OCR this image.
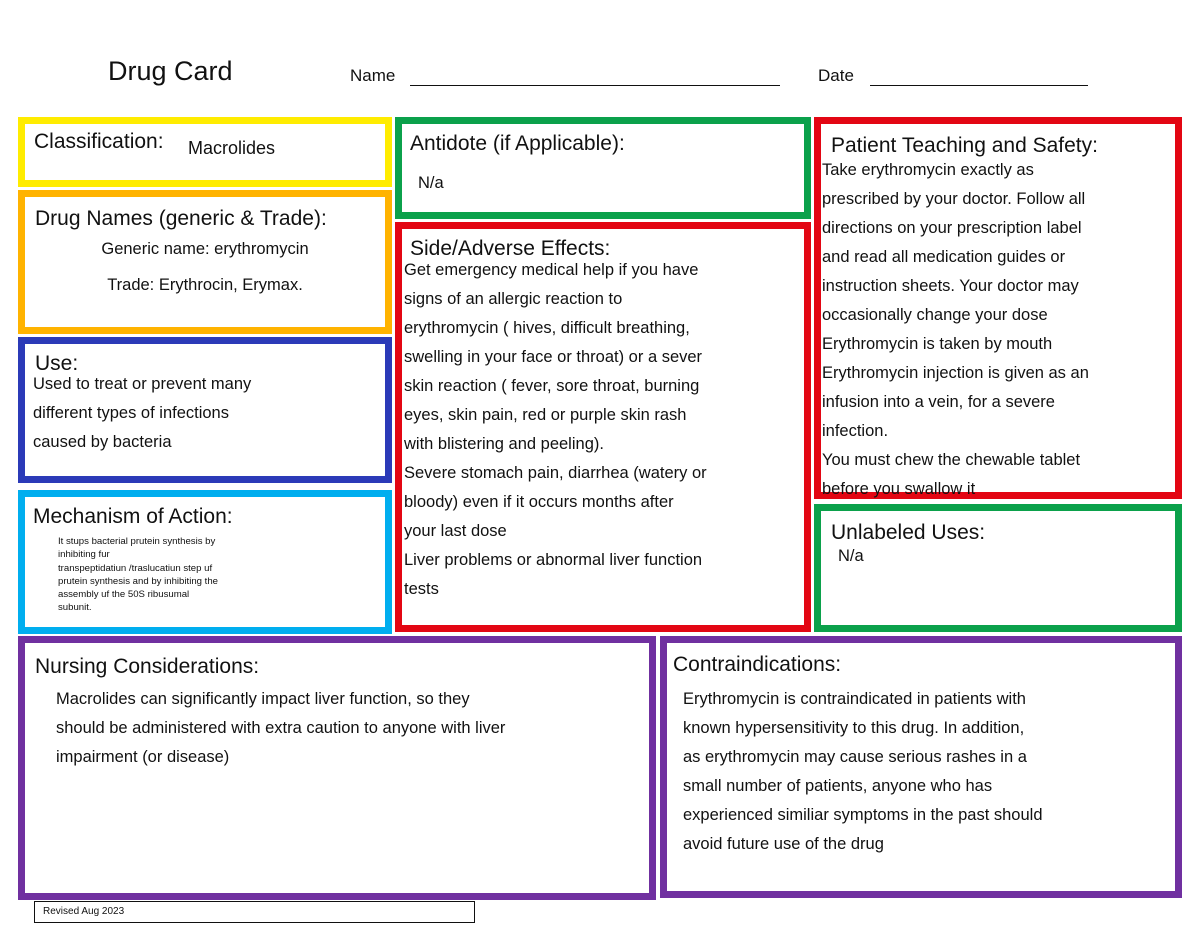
Drug Card	Name	Date
Classification: Macrolides
Drug Names (generic & Trade):
Generic name: erythromycin
Trade: Erythrocin, Erymax.
Use:
Used to treat or prevent many
different types of infections
caused by bacteria
Mechanism of Action:
It stups bacterial prutein synthesis by
inhibiting fur
transpeptidatiun /traslucatiun step uf
prutein synthesis and by inhibiting the
assembly uf the 50S ribusumal
subunit.
Antidote (if Applicable):
N/a
Side/Adverse Effects:
Get emergency medical help if you have
signs of an allergic reaction to
erythromycin ( hives, difficult breathing,
swelling in your face or throat) or a sever
skin reaction ( fever, sore throat, burning
eyes, skin pain, red or purple skin rash
with blistering and peeling).
Severe stomach pain, diarrhea (watery or
bloody) even if it occurs months after
your last dose
Liver problems or abnormal liver function
tests
Patient Teaching and Safety:
Take erythromycin exactly as
prescribed by your doctor. Follow all
directions on your prescription label
and read all medication guides or
instruction sheets. Your doctor may
occasionally change your dose
Erythromycin is taken by mouth
Erythromycin injection is given as an
infusion into a vein, for a severe
infection.
You must chew the chewable tablet
before you swallow it
Unlabeled Uses:
N/a
Nursing Considerations:
Macrolides can significantly impact liver function, so they
should be administered with extra caution to anyone with liver
impairment (or disease)
Contraindications:
Erythromycin is contraindicated in patients with
known hypersensitivity to this drug. In addition,
as erythromycin may cause serious rashes in a
small number of patients, anyone who has
experienced similiar symptoms in the past should
avoid future use of the drug
Revised Aug 2023
